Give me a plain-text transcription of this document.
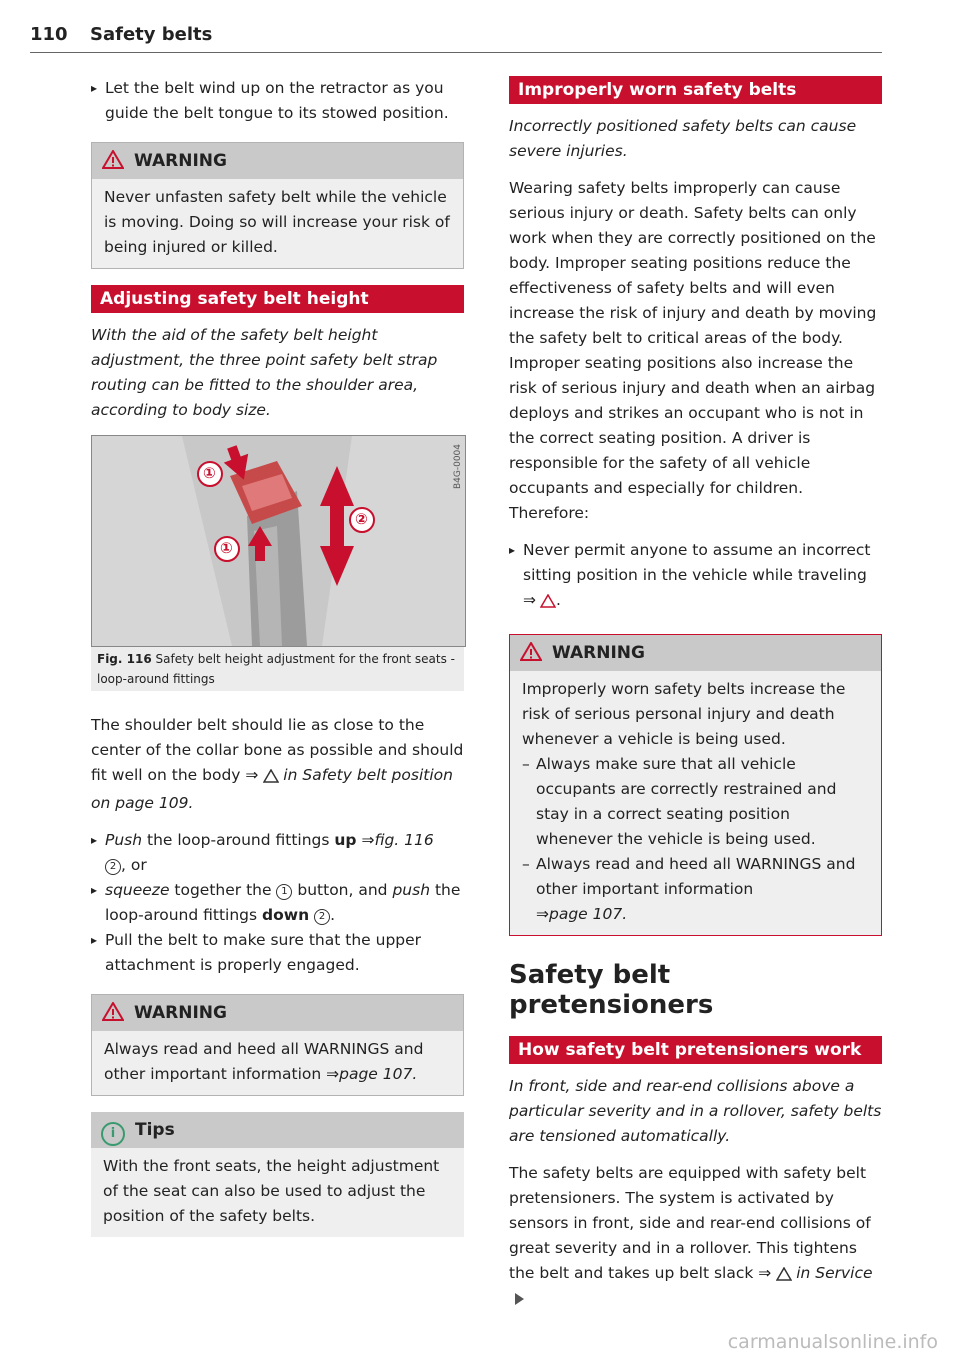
110 Safety belts
▸ Let the belt wind up on the retractor as you guide the belt tongue to its stowed position.
WARNING
Never unfasten safety belt while the vehicle is moving. Doing so will increase your risk of being injured or killed.
Adjusting safety belt height

With the aid of the safety belt height adjustment, the three point safety belt strap routing can be fitted to the shoulder area, according to body size.

①
②
①
B4G-0004
Fig. 116 Safety belt height adjustment for the front seats - loop-around fittings

The shoulder belt should lie as close to the center of the collar bone as possible and should fit well on the body ⇒ in Safety belt position on page 109.

▸ Push the loop-around fittings up ⇒fig. 116
2 , or
▸ squeeze together the 1 button, and push the loop-around fittings down 2 .
▸ Pull the belt to make sure that the upper attachment is properly engaged.
WARNING
Always read and heed all WARNINGS and other important information ⇒page 107.
i Tips
With the front seats, the height adjustment of the seat can also be used to adjust the position of the safety belts.
Improperly worn safety belts

Incorrectly positioned safety belts can cause severe injuries.

Wearing safety belts improperly can cause serious injury or death. Safety belts can only work when they are correctly positioned on the body. Improper seating positions reduce the effectiveness of safety belts and will even increase the risk of injury and death by moving the safety belt to critical areas of the body. Improper seating positions also increase the risk of serious injury and death when an airbag deploys and strikes an occupant who is not in the correct seating position. A driver is responsible for the safety of all vehicle occupants and especially for children. Therefore:

▸ Never permit anyone to assume an incorrect sitting position in the vehicle while traveling
⇒ .
WARNING
Improperly worn safety belts increase the risk of serious personal injury and death whenever a vehicle is being used.
– Always make sure that all vehicle occupants are correctly restrained and stay in a correct seating position whenever the vehicle is being used.
– Always read and heed all WARNINGS and other important information
⇒page 107.
Safety belt pretensioners
How safety belt pretensioners work

In front, side and rear-end collisions above a particular severity and in a rollover, safety belts are tensioned automatically.

The safety belts are equipped with safety belt pretensioners. The system is activated by sensors in front, side and rear-end collisions of great severity and in a rollover. This tightens the belt and takes up belt slack ⇒ in Service

carmanualsonline.info
